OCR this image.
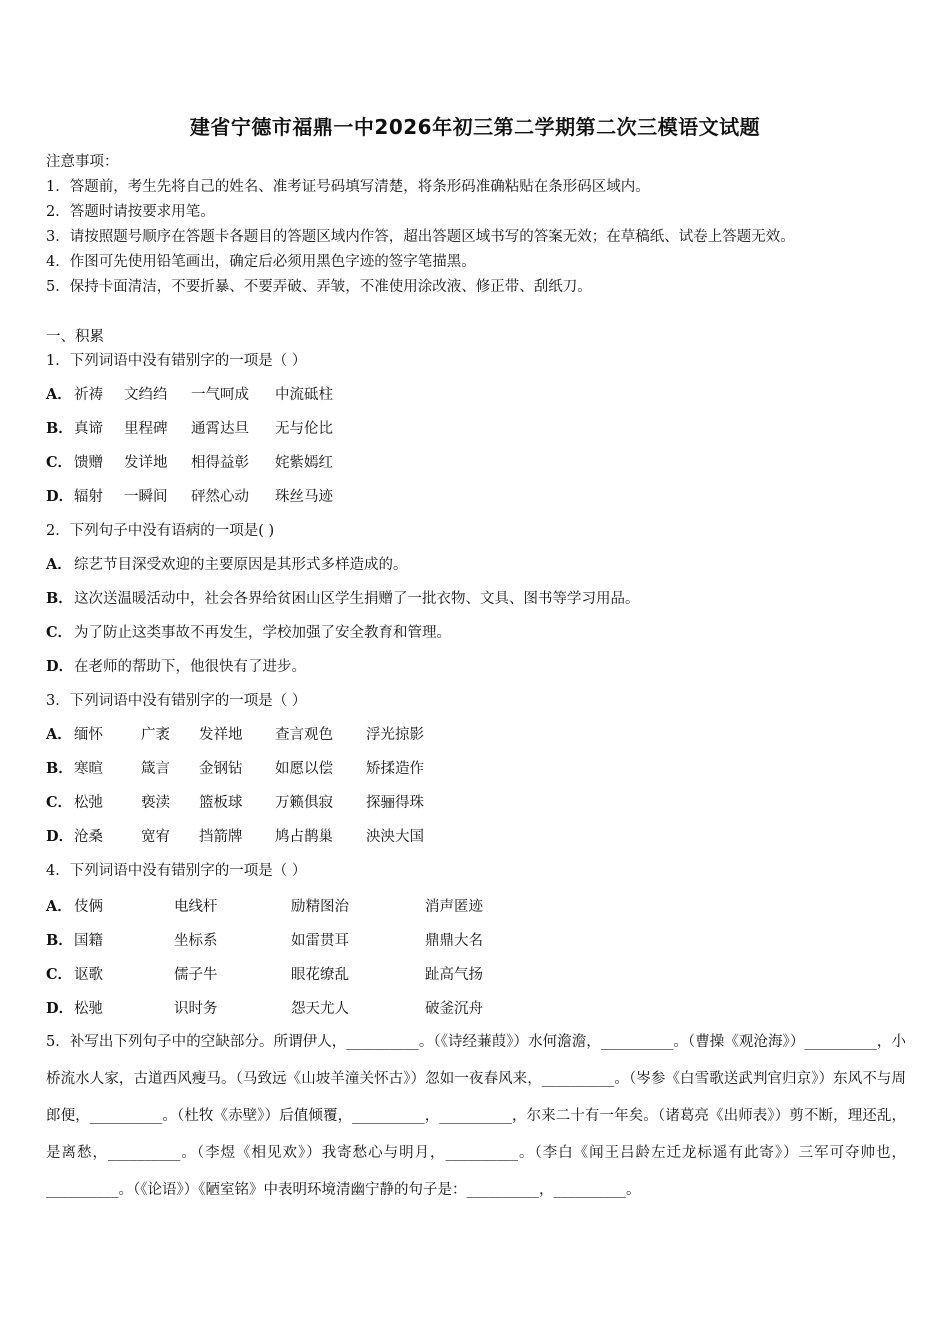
建省宁德市福鼎一中2026年初三第二学期第二次三模语文试题
注意事项：
1．答题前，考生先将自己的姓名、准考证号码填写清楚，将条形码准确粘贴在条形码区域内。
2．答题时请按要求用笔。
3．请按照题号顺序在答题卡各题目的答题区域内作答，超出答题区域书写的答案无效；在草稿纸、试卷上答题无效。
4．作图可先使用铅笔画出，确定后必须用黑色字迹的签字笔描黑。
5．保持卡面清洁，不要折暴、不要弄破、弄皱，不准使用涂改液、修正带、刮纸刀。
一、积累
1．下列词语中没有错别字的一项是（ ）
A． 祈祷 文绉绉 一气呵成 中流砥柱
B．真谛 里程碑 通霄达旦 无与伦比
C． 馈赠 发详地 相得益彰 姹紫嫣红
D．辐射 一瞬间 砰然心动 珠丝马迹
2．下列句子中没有语病的一项是( )
A． 综艺节目深受欢迎的主要原因是其形式多样造成的。
B．这次送温暖活动中，社会各界给贫困山区学生捐赠了一批衣物、文具、图书等学习用品。
C． 为了防止这类事故不再发生，学校加强了安全教育和管理。
D．在老师的帮助下，他很快有了进步。
3．下列词语中没有错别字的一项是（ ）
A． 缅怀	广袤 发祥地 查言观色 浮光掠影
B．寒暄	箴言 金钢钻 如愿以偿 矫揉造作
C． 松弛	亵渎 篮板球 万籁俱寂 探骊得珠
D．沧桑	宽宥 挡箭牌 鸠占鹊巢 泱泱大国
4．下列词语中没有错别字的一项是（ ）
A． 伎俩	电线杆	励精图治	消声匿迹
B．国籍	坐标系	如雷贯耳	鼎鼎大名
C． 讴歌	儒子牛	眼花缭乱	趾高气扬
D．松驰	识时务	怨天尤人	破釜沉舟
5．补写出下列句子中的空缺部分。所谓伊人，__________。（《诗经蒹葭》）水何澹澹，__________。（曹操《观沧海》）__________，小桥流水人家，古道西风瘦马。（马致远《山坡羊潼关怀古》）忽如一夜春风来，__________。（岑参《白雪歌送武判官归京》）东风不与周郎便，__________。（杜牧《赤壁》）后值倾覆，__________，__________，尔来二十有一年矣。（诸葛亮《出师表》）剪不断，理还乱，是离愁，__________。（李煜《相见欢》）我寄愁心与明月，__________。（李白《闻王吕龄左迁龙标遥有此寄》）三军可夺帅也，__________。（《论语》）《陋室铭》中表明环境清幽宁静的句子是：__________，__________。
